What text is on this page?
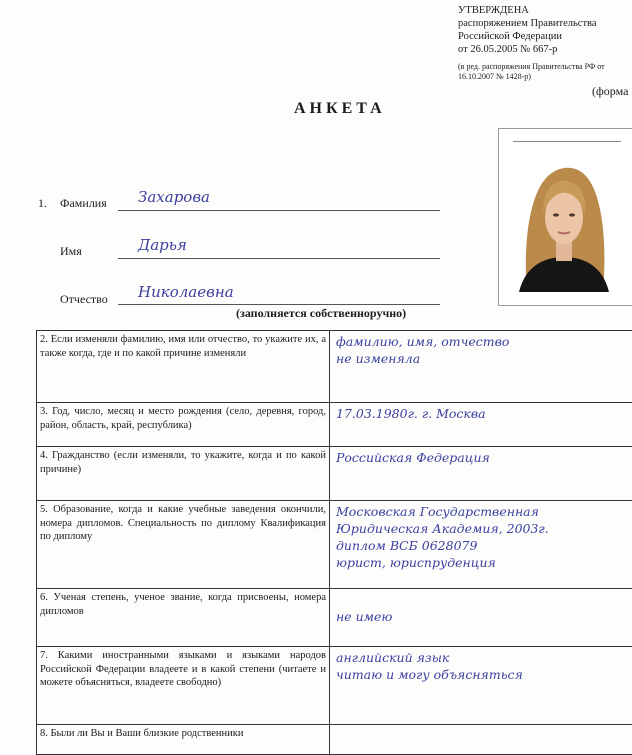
УТВЕРЖДЕНА
распоряжением Правительства
Российской Федерации
от 26.05.2005 № 667-р
(в ред. распоряжения Правительства РФ от 16.10.2007 № 1428-р)
(форма
АНКЕТА
1. Фамилия Захарова
Имя	Дарья
Отчество Николаевна
(заполняется собственноручно)
2. Если изменяли фамилию, имя или отчество, то укажите их, а также когда, где и по какой причине изменяли	фамилию, имя, отчество
не изменяла

3. Год, число, месяц и место рождения (село, деревня, город, район, область, край, республика)	17.03.1980г. г. Москва

4. Гражданство (если изменяли, то укажите, когда и по какой причине)	Российская Федерация

5. Образование, когда и какие учебные заведения окончили, номера дипломов. Специальность по диплому Квалификация по диплому	Московская Государственная
Юридическая Академия, 2003г.
диплом ВСБ 0628079
юрист, юриспруденция

6. Ученая степень, ученое звание, когда присвоены, номера дипломов	не имею

7. Какими иностранными языками и языками народов Российской Федерации владеете и в какой степени (читаете и можете объясняться, владеете свободно)	английский язык
читаю и могу объясняться

8. Были ли Вы и Ваши близкие родственники	
